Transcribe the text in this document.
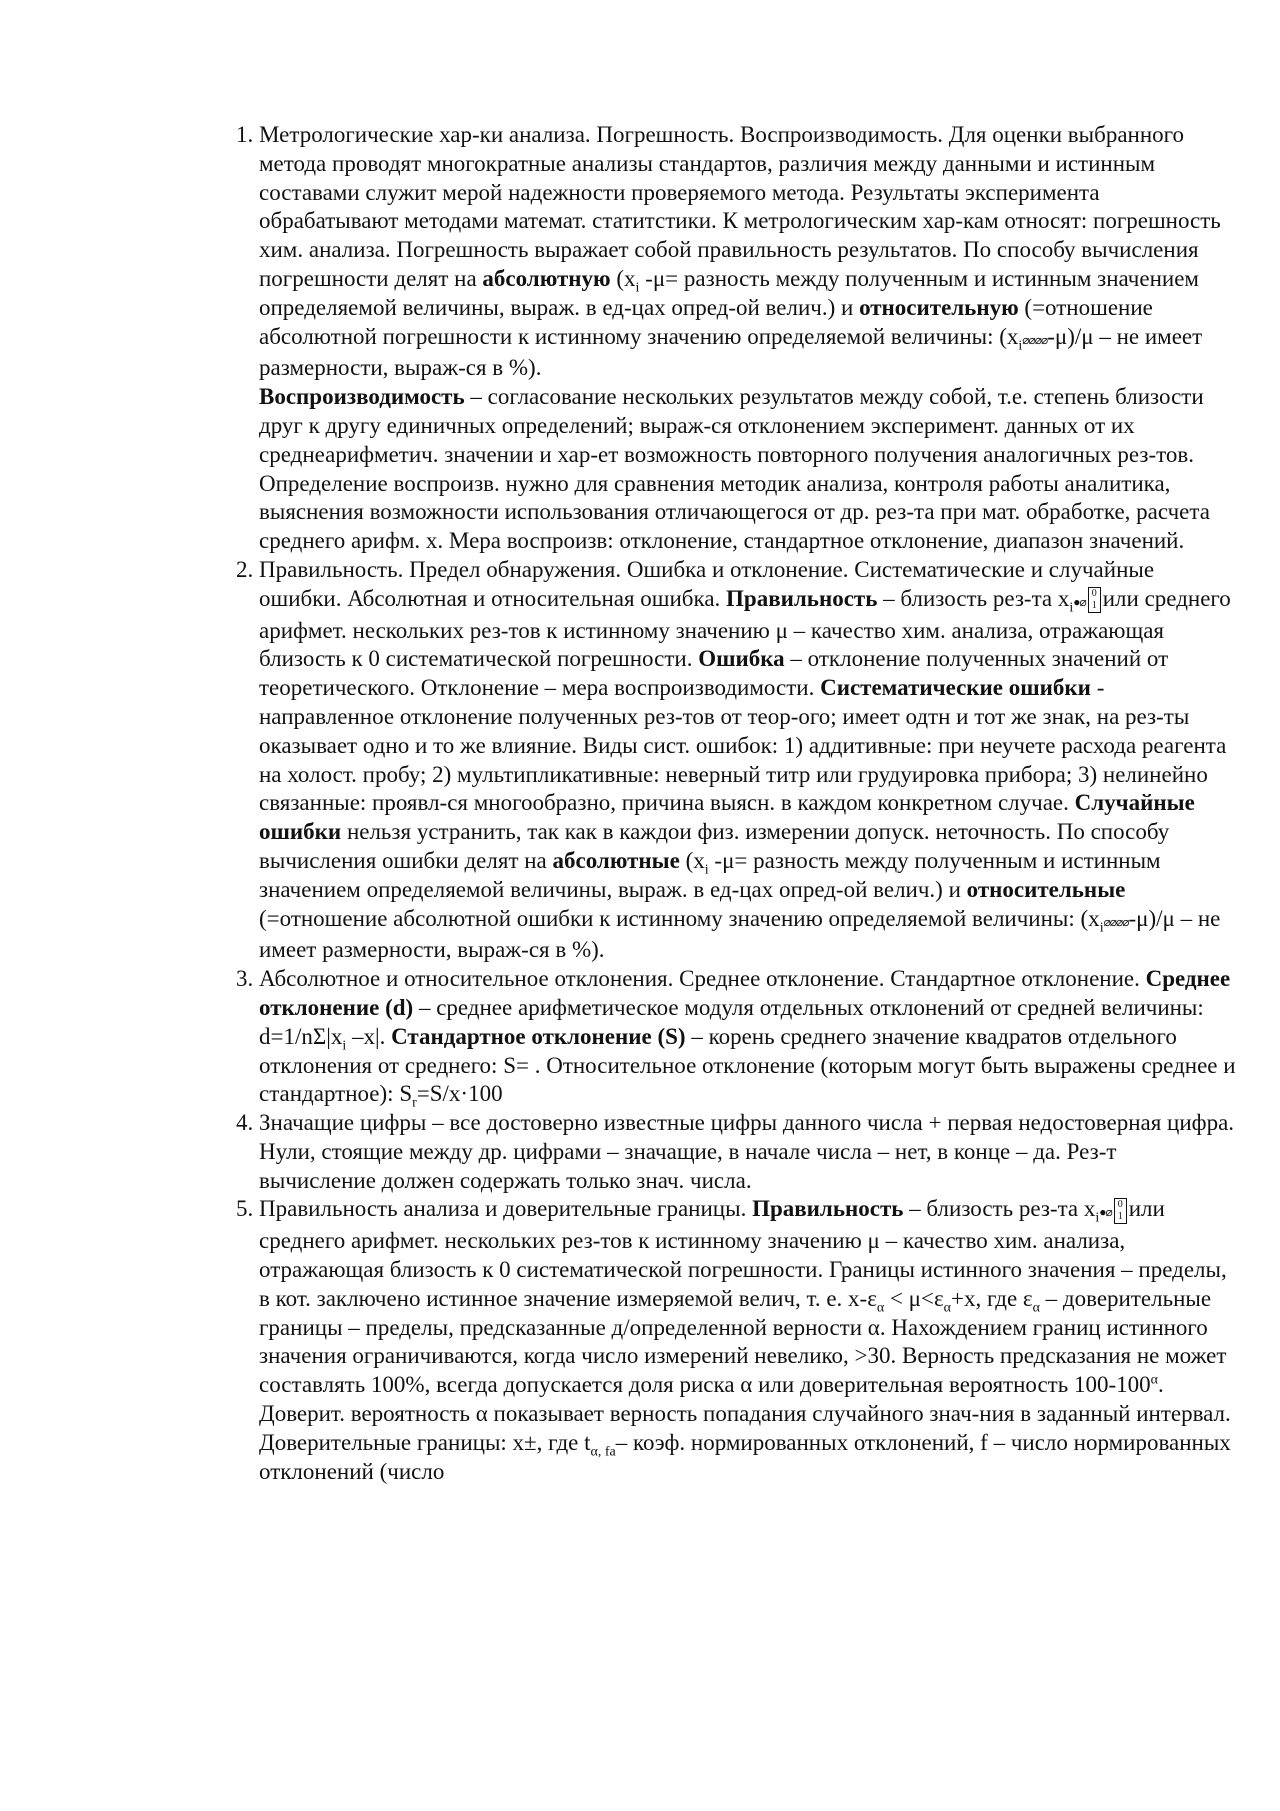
1. Метрологические хар-ки анализа. Погрешность. Воспроизводимость. Для оценки выбранного метода проводят многократные анализы стандартов, различия между данными и истинным составами служит мерой надежности проверяемого метода. Результаты эксперимента обрабатывают методами математ. статитстики. К метрологическим хар-кам относят: погрешность хим. анализа. Погрешность выражает собой правильность результатов. По способу вычисления погрешности делят на абсолютную ($x_i$ -μ= разность между полученным и истинным значением определяемой величины, выраж. в ед-цах опред-ой велич.) и относительную (=отношение абсолютной погрешности к истинному значению определяемой величины: $(x_i⌀⌀⌀⌀-\mu)/\mu$ – не имеет размерности, выраж-ся в %).
Воспроизводимость – согласование нескольких результатов между собой, т.е. степень близости друг к другу единичных определений; выраж-ся отклонением эксперимент. данных от их среднеарифметич. значении и хар-ет возможность повторного получения аналогичных рез-тов. Определение воспроизв. нужно для сравнения методик анализа, контроля работы аналитика, выяснения возможности использования отличающегося от др. рез-та при мат. обработке, расчета среднего арифм. x. Мера воспроизв: отклонение, стандартное отклонение, диапазон значений.
2. Правильность. Предел обнаружения. Ошибка и отклонение. Систематические и случайные ошибки. Абсолютная и относительная ошибка. Правильность – близость рез-та $x_i●⌀0$ 1 или среднего арифмет. нескольких рез-тов к истинному значению μ – качество хим. анализа, отражающая близость к 0 систематической погрешности. Ошибка – отклонение полученных значений от теоретического. Отклонение – мера воспроизводимости. Систематические ошибки - направленное отклонение полученных рез-тов от теор-ого; имеет одтн и тот же знак, на рез-ты оказывает одно и то же влияние. Виды сист. ошибок: 1) аддитивные: при неучете расхода реагента на холост. пробу; 2) мультипликативные: неверный титр или грудуировка прибора; 3) нелинейно связанные: проявл-ся многообразно, причина выясн. в каждом конкретном случае. Случайные ошибки нельзя устранить, так как в каждои физ. измерении допуск. неточность. По способу вычисления ошибки делят на абсолютные ($x_i$ -μ= разность между полученным и истинным значением определяемой величины, выраж. в ед-цах опред-ой велич.) и относительные (=отношение абсолютной ошибки к истинному значению определяемой величины: $(x_i⌀⌀⌀⌀-\mu)/\mu$ – не имеет размерности, выраж-ся в %).
3. Абсолютное и относительное отклонения. Среднее отклонение. Стандартное отклонение. Среднее отклонение (d) – среднее арифметическое модуля отдельных отклонений от средней величины: $d=1/n\Sigma|x_i$ –x|. Стандартное отклонение (S) – корень среднего значение квадратов отдельного отклонения от среднего: S= . Относительное отклонение (которым могут быть выражены среднее и стандартное): $S_r=S/x\cdot 100$
4. Значащие цифры – все достоверно известные цифры данного числа + первая недостоверная цифра. Нули, стоящие между др. цифрами – значащие, в начале числа – нет, в конце – да. Рез-т вычисление должен содержать только знач. числа.
5. Правильность анализа и доверительные границы. Правильность – близость рез-та $x_i●⌀0$ 1 или среднего арифмет. нескольких рез-тов к истинному значению μ – качество хим. анализа, отражающая близость к 0 систематической погрешности. Границы истинного значения – пределы, в кот. заключено истинное значение измеряемой велич, т. е. $x-\varepsilon_\alpha < \mu<\varepsilon_\alpha+x$, где $\varepsilon_\alpha$ – доверительные границы – пределы, предсказанные д/определенной верности α. Нахождением границ истинного значения ограничиваются, когда число измерений невелико, >30. Верность предсказания не может составлять 100%, всегда допускается доля риска α или доверительная вероятность $100-100^\alpha$. Доверит. вероятность α показывает верность попадания случайного знач-ния в заданный интервал. Доверительные границы: x±, где $t_{\alpha, fa}-$ коэф. нормированных отклонений, f – число нормированных отклонений (число
